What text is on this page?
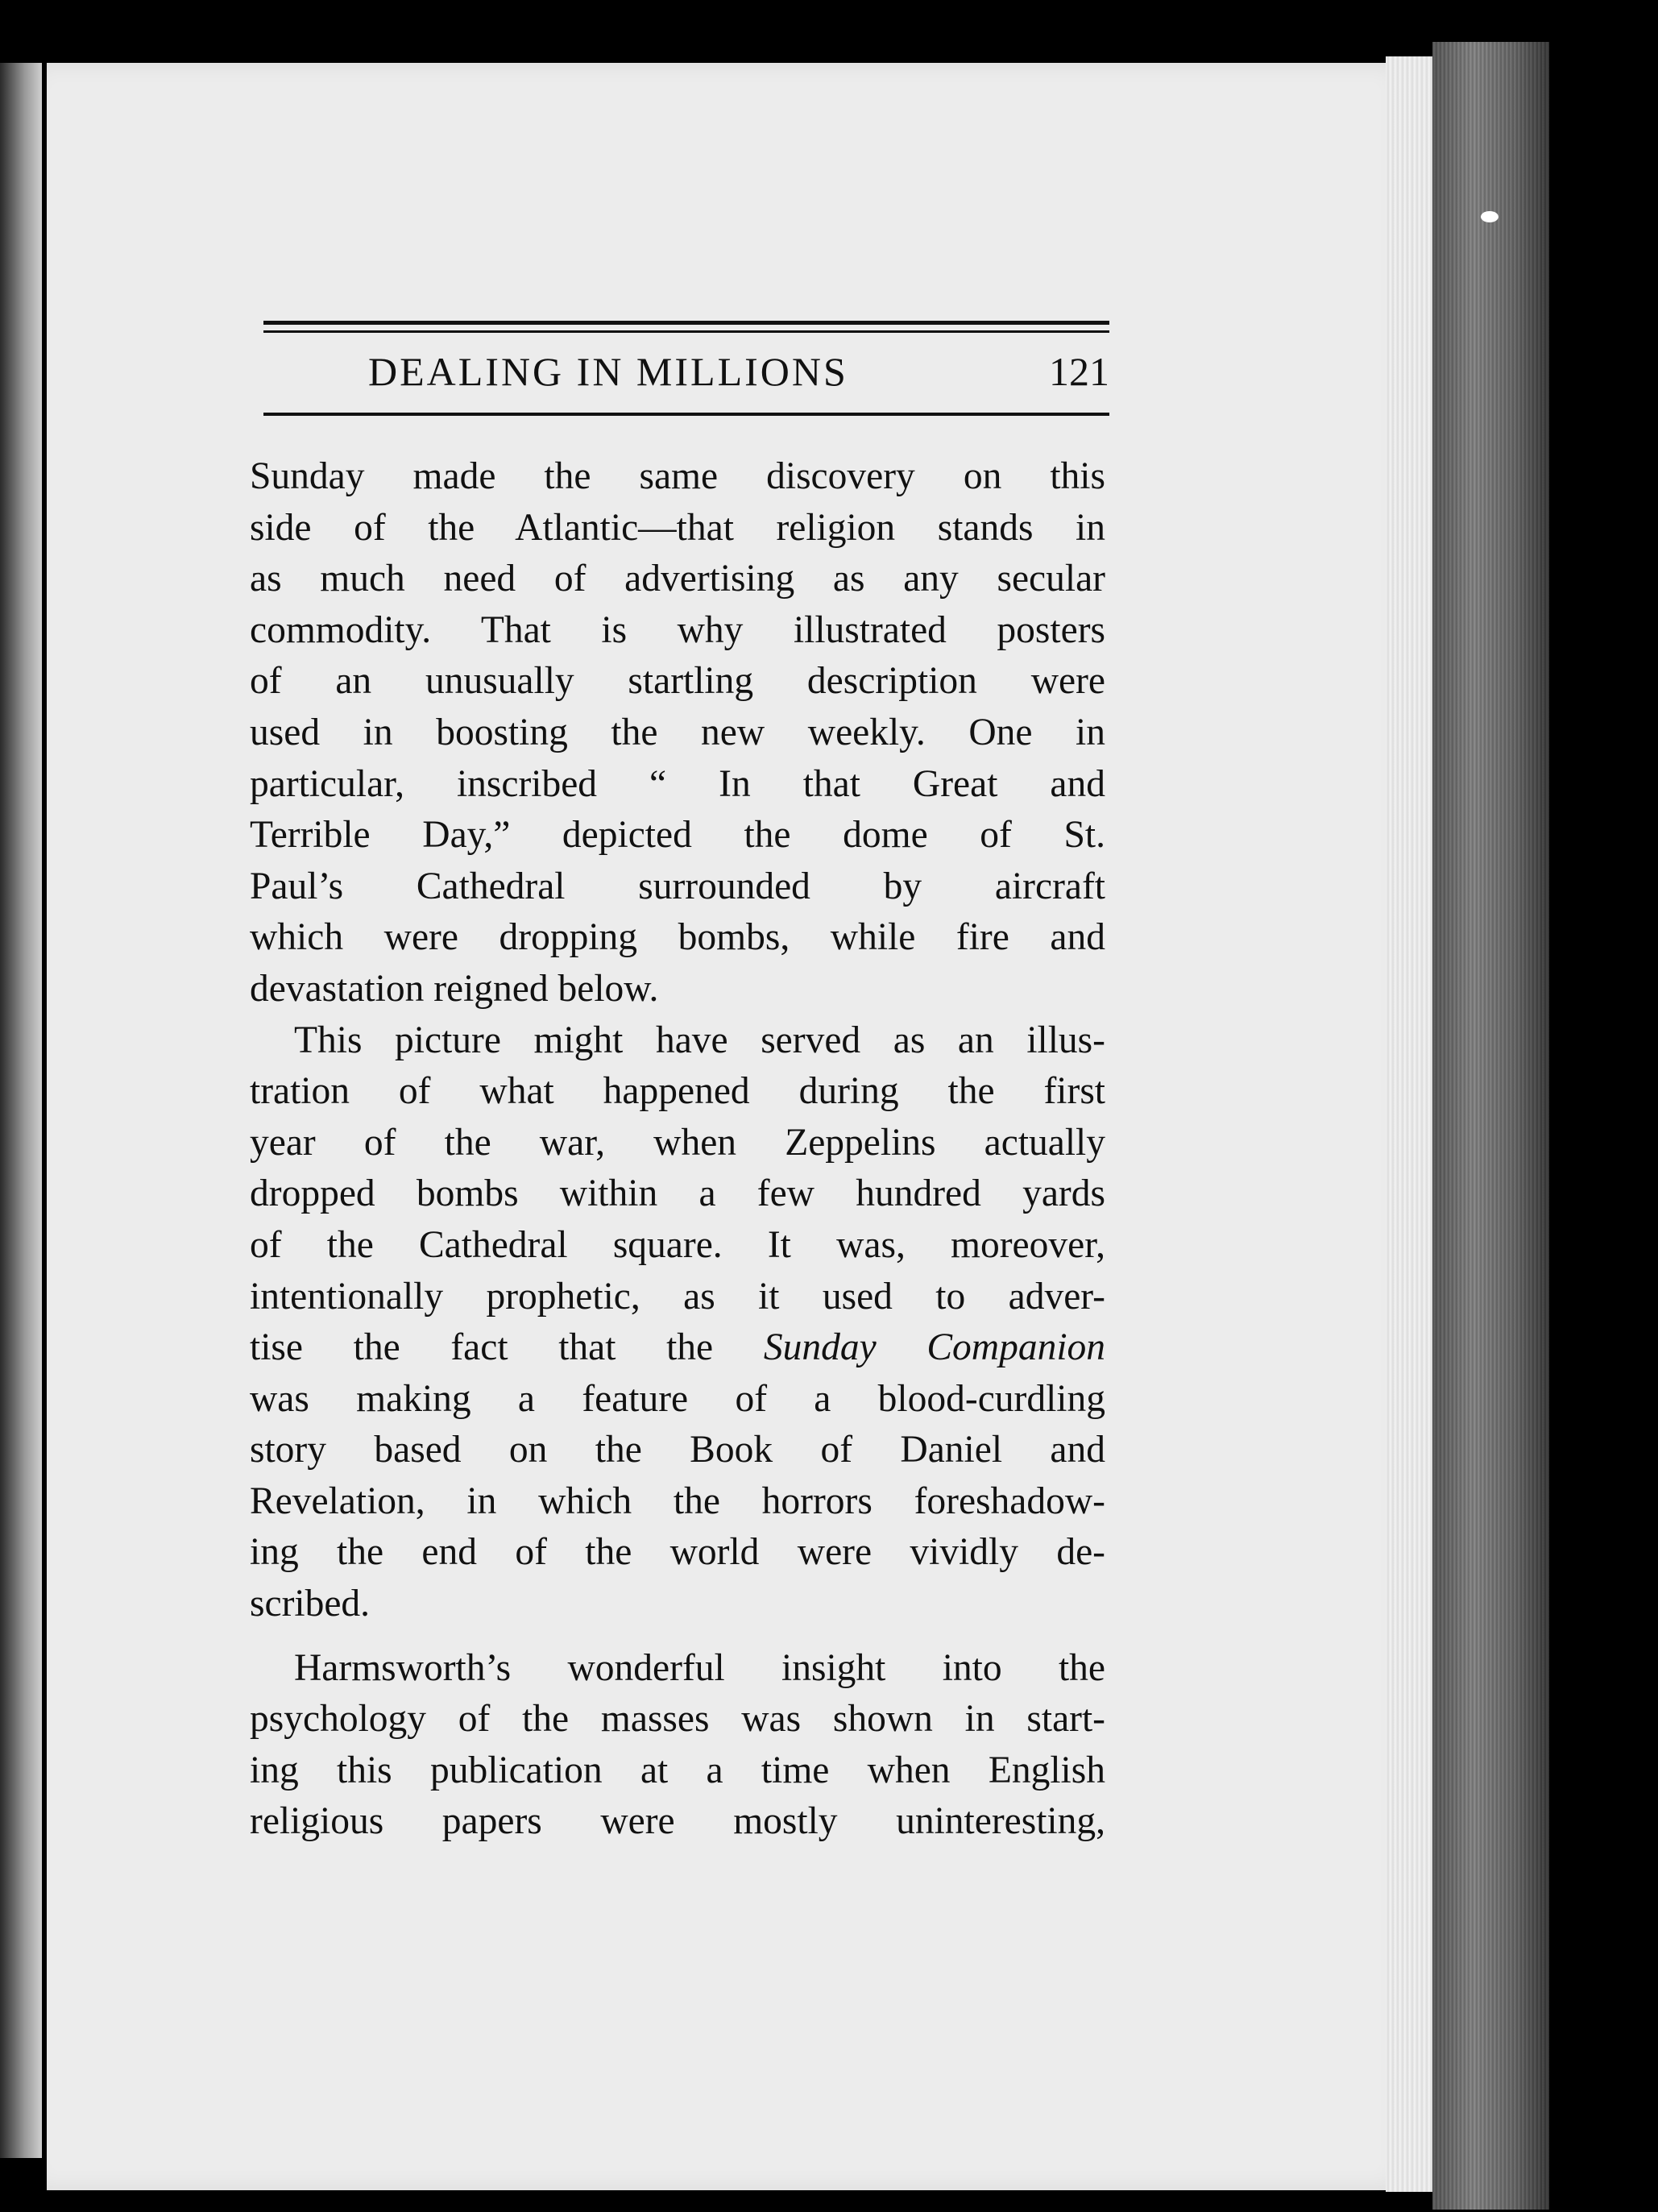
DEALING IN MILLIONS	121
Sunday made the same discovery on this
side of the Atlantic—that religion stands in
as much need of advertising as any secular
commodity. That is why illustrated posters
of an unusually startling description were
used in boosting the new weekly. One in
particular, inscribed “ In that Great and
Terrible Day,” depicted the dome of St.
Paul’s Cathedral surrounded by aircraft
which were dropping bombs, while fire and
devastation reigned below.
This picture might have served as an illus-
tration of what happened during the first
year of the war, when Zeppelins actually
dropped bombs within a few hundred yards
of the Cathedral square. It was, moreover,
intentionally prophetic, as it used to adver-
tise the fact that the Sunday Companion
was making a feature of a blood-curdling
story based on the Book of Daniel and
Revelation, in which the horrors foreshadow-
ing the end of the world were vividly de-
scribed.
Harmsworth’s wonderful insight into the
psychology of the masses was shown in start-
ing this publication at a time when English
religious papers were mostly uninteresting,
